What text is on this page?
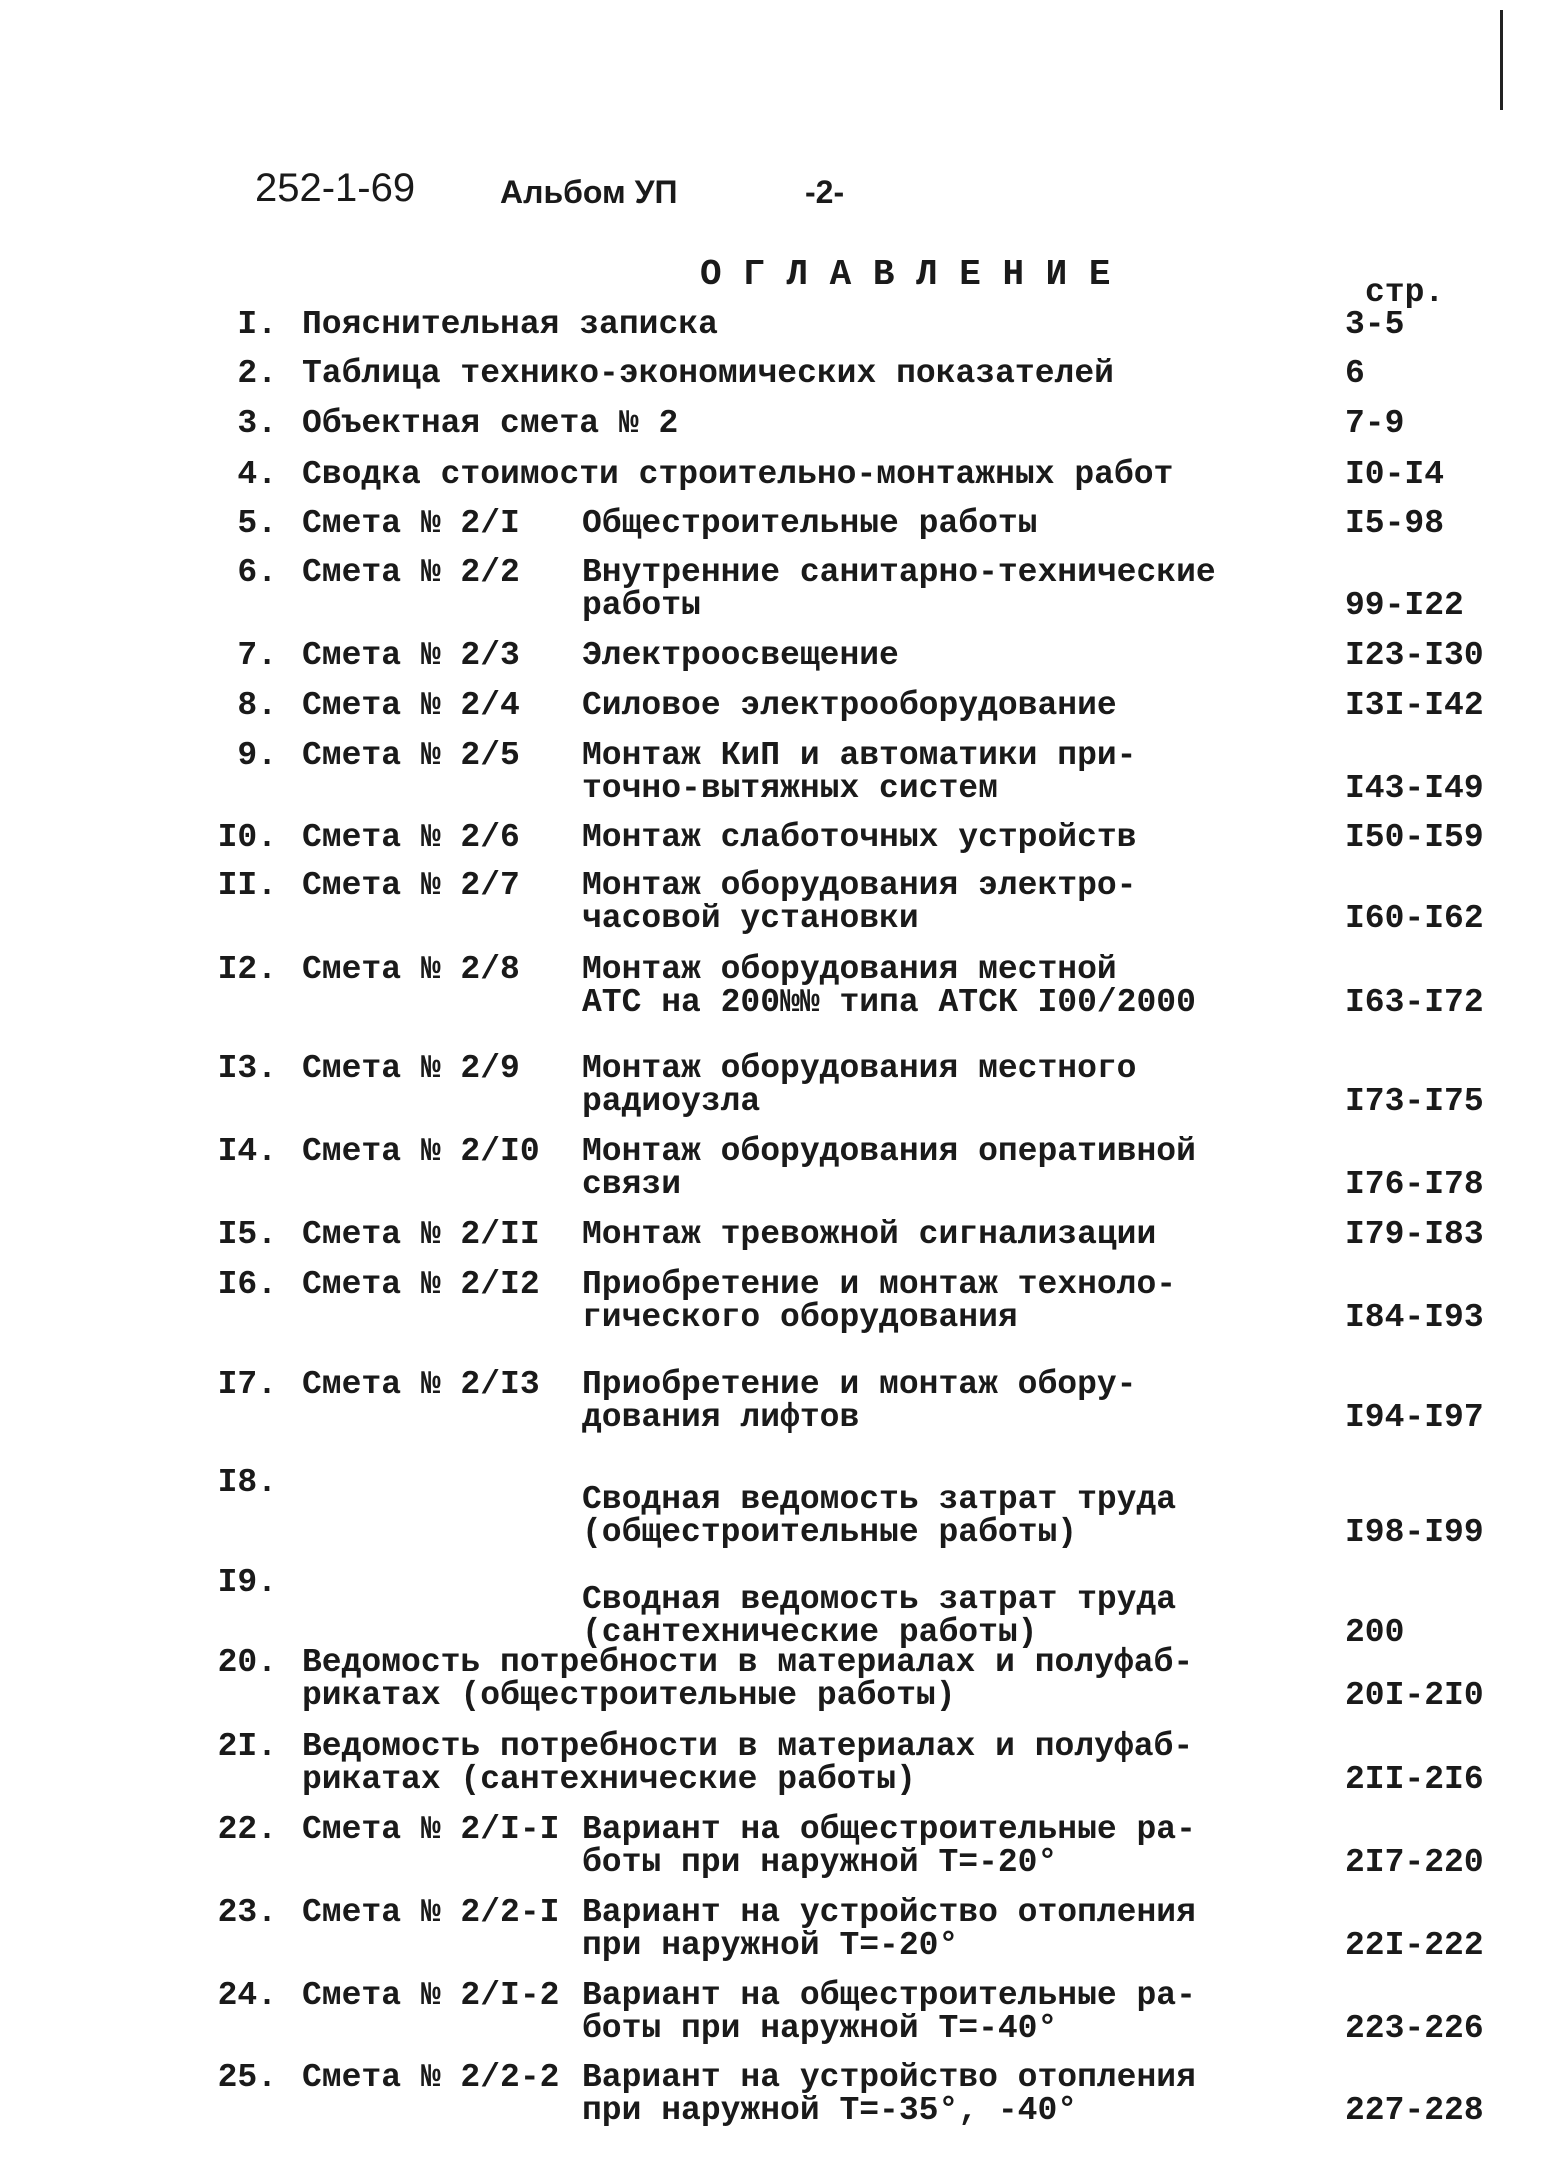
252-1-69	Альбом УП	-2-
О Г Л А В Л Е Н И Е	стр.
I. Пояснительная записка	3-5
2. Таблица технико-экономических показателей	6
3. Объектная смета № 2	7-9
4. Сводка стоимости строительно-монтажных работ	I0-I4
5. Смета № 2/I Общестроительные работы	I5-98
6. Смета № 2/2 Внутренние санитарно-технические
работы	99-I22
7. Смета № 2/3 Электроосвещение	I23-I30
8. Смета № 2/4 Силовое электрооборудование	I3I-I42
9. Смета № 2/5 Монтаж КиП и автоматики при-
точно-вытяжных систем	I43-I49
I0. Смета № 2/6 Монтаж слаботочных устройств	I50-I59
II. Смета № 2/7 Монтаж оборудования электро-
часовой установки	I60-I62
I2. Смета № 2/8 Монтаж оборудования местной
АТС на 200№№ типа АТСК I00/2000	I63-I72
I3. Смета № 2/9 Монтаж оборудования местного
радиоузла	I73-I75
I4. Смета № 2/I0 Монтаж оборудования оперативной
связи	I76-I78
I5. Смета № 2/II Монтаж тревожной сигнализации	I79-I83
I6. Смета № 2/I2 Приобретение и монтаж техноло-
гического оборудования	I84-I93
I7. Смета № 2/I3 Приобретение и монтаж обору-
дования лифтов	I94-I97
I8.	Сводная ведомость затрат труда
(общестроительные работы)	I98-I99
I9.	Сводная ведомость затрат труда
(сантехнические работы)	200
20. Ведомость потребности в материалах и полуфаб-
рикатах (общестроительные работы)	20I-2I0
2I. Ведомость потребности в материалах и полуфаб-
рикатах (сантехнические работы)	2II-2I6
22. Смета № 2/I-I Вариант на общестроительные ра-
боты при наружной Т=-20°	2I7-220
23. Смета № 2/2-I Вариант на устройство отопления
при наружной Т=-20°	22I-222
24. Смета № 2/I-2 Вариант на общестроительные ра-
боты при наружной Т=-40°	223-226
25. Смета № 2/2-2 Вариант на устройство отопления
при наружной Т=-35°, -40°	227-228
